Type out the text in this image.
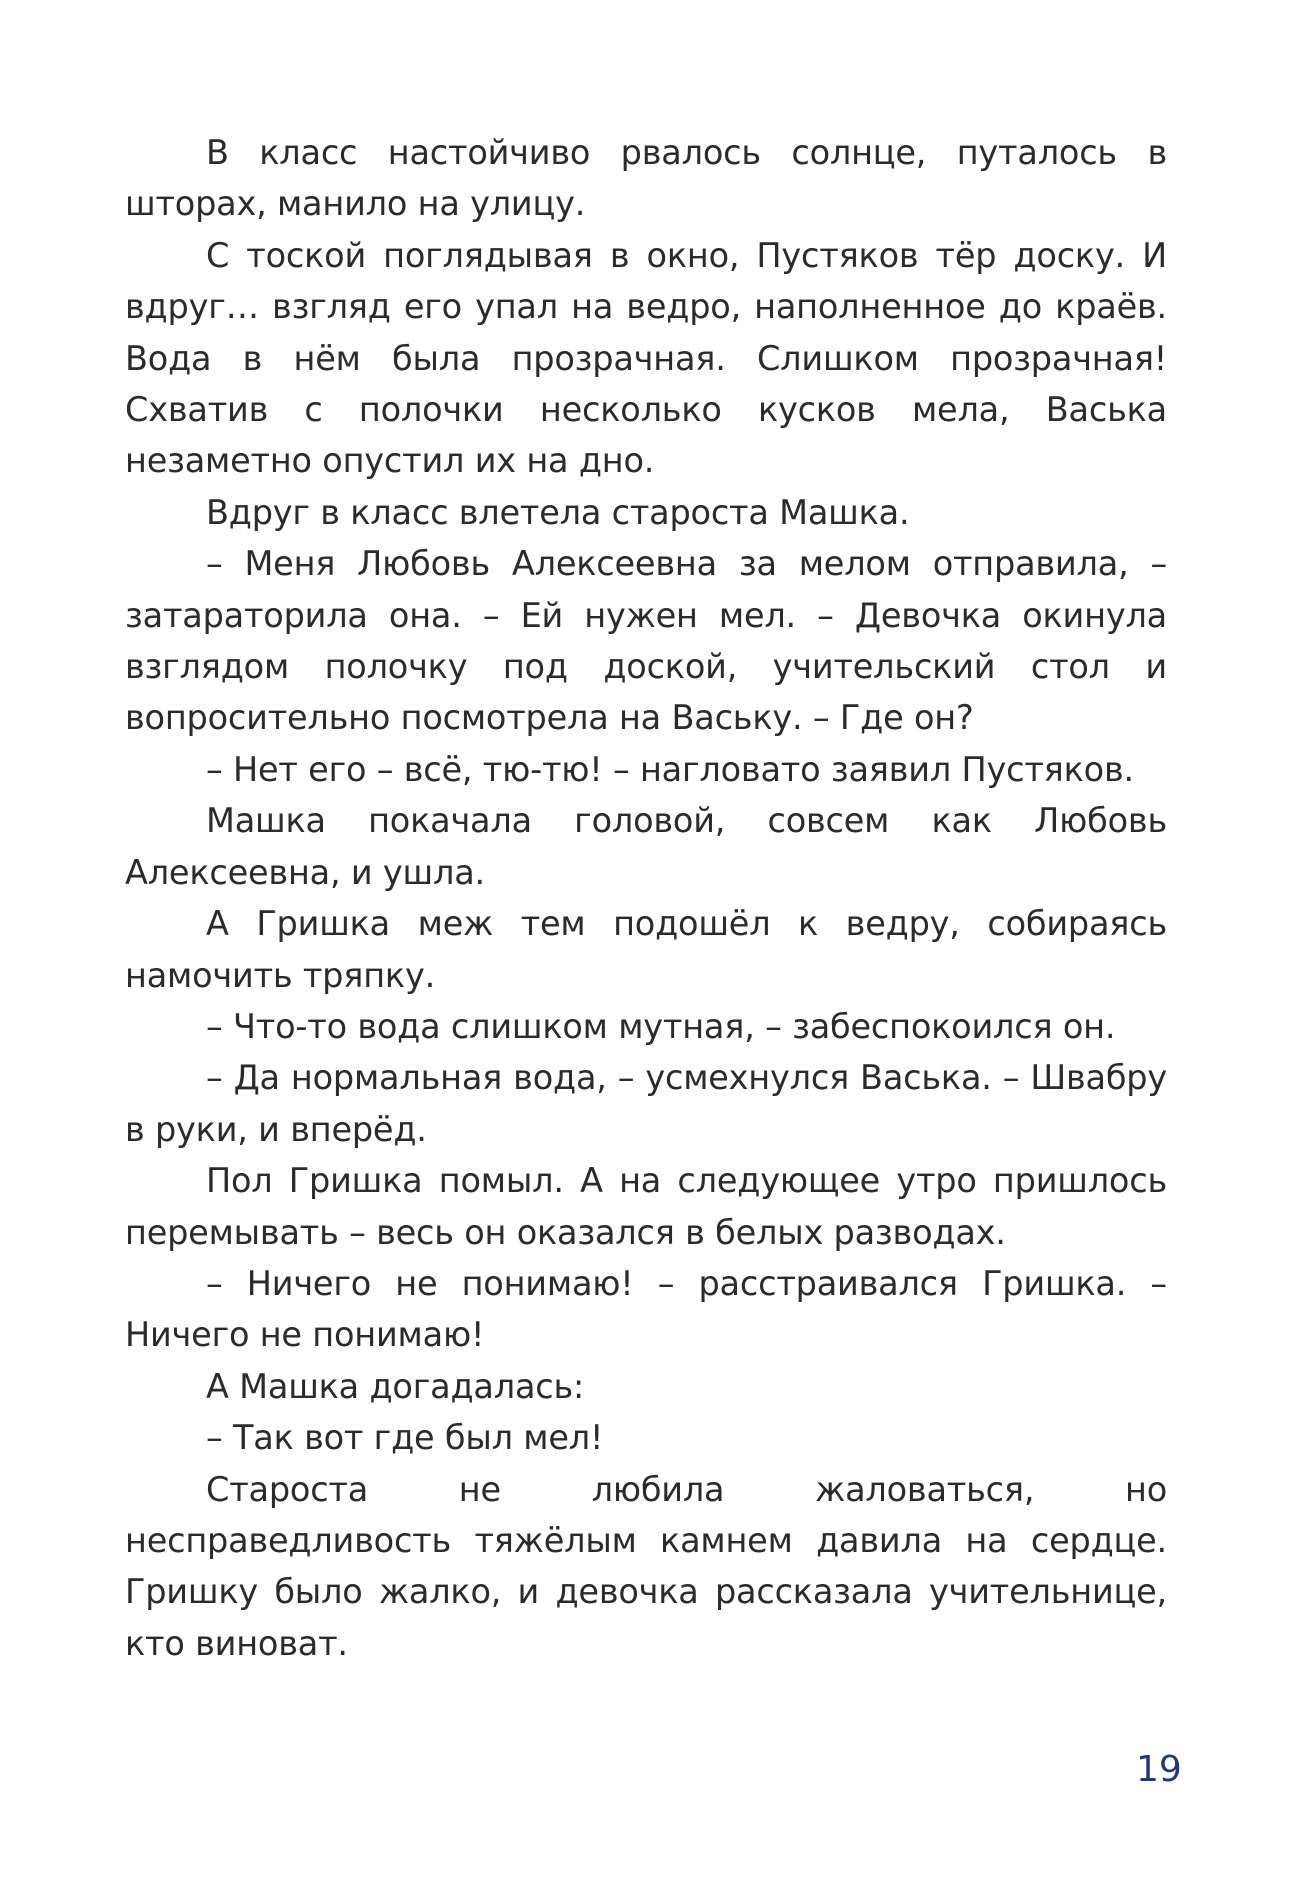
В класс настойчиво рвалось солнце, путалось в шторах, манило на улицу.

С тоской поглядывая в окно, Пустяков тёр доску. И вдруг… взгляд его упал на ведро, наполненное до краёв. Вода в нём была прозрачная. Слишком прозрачная! Схватив с полочки несколько кусков мела, Васька незаметно опустил их на дно.

Вдруг в класс влетела староста Машка.

– Меня Любовь Алексеевна за мелом отправила, – затараторила она. – Ей нужен мел. – Девочка окинула взглядом полочку под доской, учительский стол и вопросительно посмотрела на Ваську. – Где он?

– Нет его – всё, тю-тю! – нагловато заявил Пустяков.

Машка покачала головой, совсем как Любовь Алексеевна, и ушла.

А Гришка меж тем подошёл к ведру, собираясь намочить тряпку.

– Что-то вода слишком мутная, – забеспокоился он.

– Да нормальная вода, – усмехнулся Васька. – Швабру в руки, и вперёд.

Пол Гришка помыл. А на следующее утро пришлось перемывать – весь он оказался в белых разводах.

– Ничего не понимаю! – расстраивался Гришка. – Ничего не понимаю!

А Машка догадалась:

– Так вот где был мел!

Староста не любила жаловаться, но несправедливость тяжёлым камнем давила на сердце. Гришку было жалко, и девочка рассказала учительнице, кто виноват.

19
